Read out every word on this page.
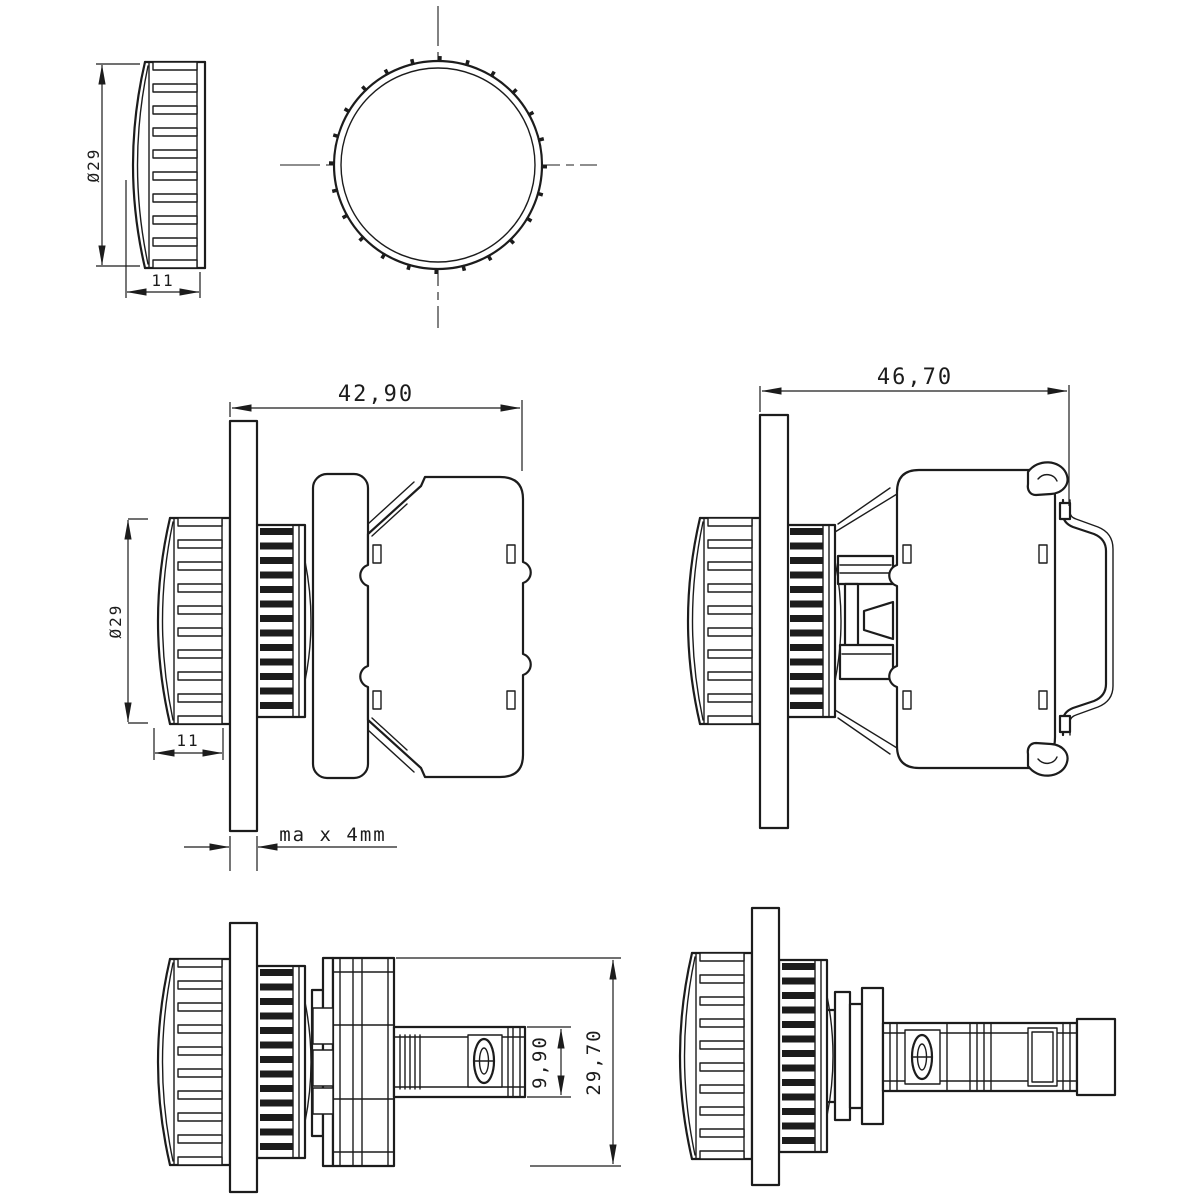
Ø29
11
42,90
Ø29
11
ma x 4mm
46,70
9,90 29,70
